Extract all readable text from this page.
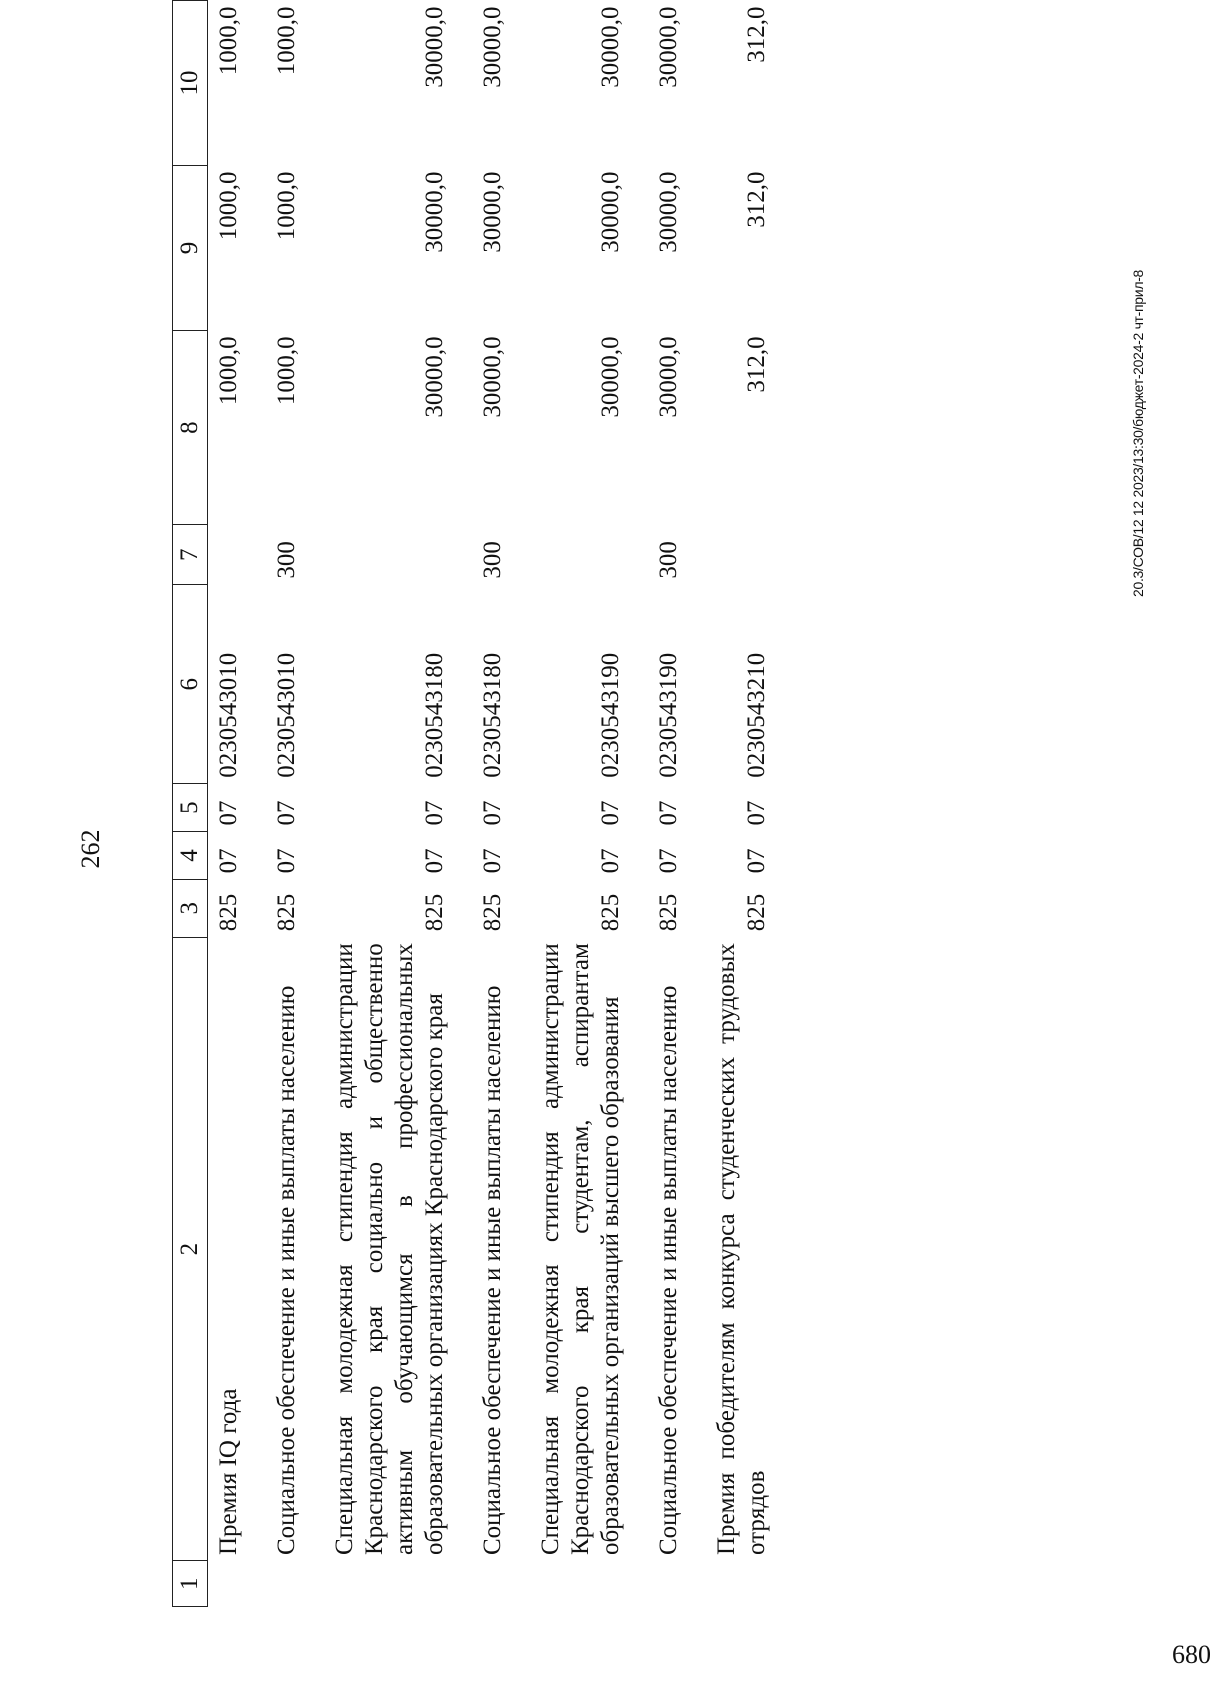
262
1	2	3	4	5	6	7	8	9	10
	Премия IQ года	825	07	07	0230543010		1000,0	1000,0	1000,0
	Социальное обеспечение и иные выплаты населению	825	07	07	0230543010	300	1000,0	1000,0	1000,0
	Специальная молодежная стипендия администрации Краснодарского края социально и общественно активным обучающимся в профессиональных образовательных организациях Краснодарского края	825	07	07	0230543180		30000,0	30000,0	30000,0
	Социальное обеспечение и иные выплаты населению	825	07	07	0230543180	300	30000,0	30000,0	30000,0
	Специальная молодежная стипендия администрации Краснодарского края студентам, аспирантам образовательных организаций высшего образования	825	07	07	0230543190		30000,0	30000,0	30000,0
	Социальное обеспечение и иные выплаты населению	825	07	07	0230543190	300	30000,0	30000,0	30000,0
	Премия победителям конкурса студенческих трудовых отрядов	825	07	07	0230543210		312,0	312,0	312,0
20.3/СОВ/12 12 2023/13:30/бюджет-2024-2 чт-прил-8
680
